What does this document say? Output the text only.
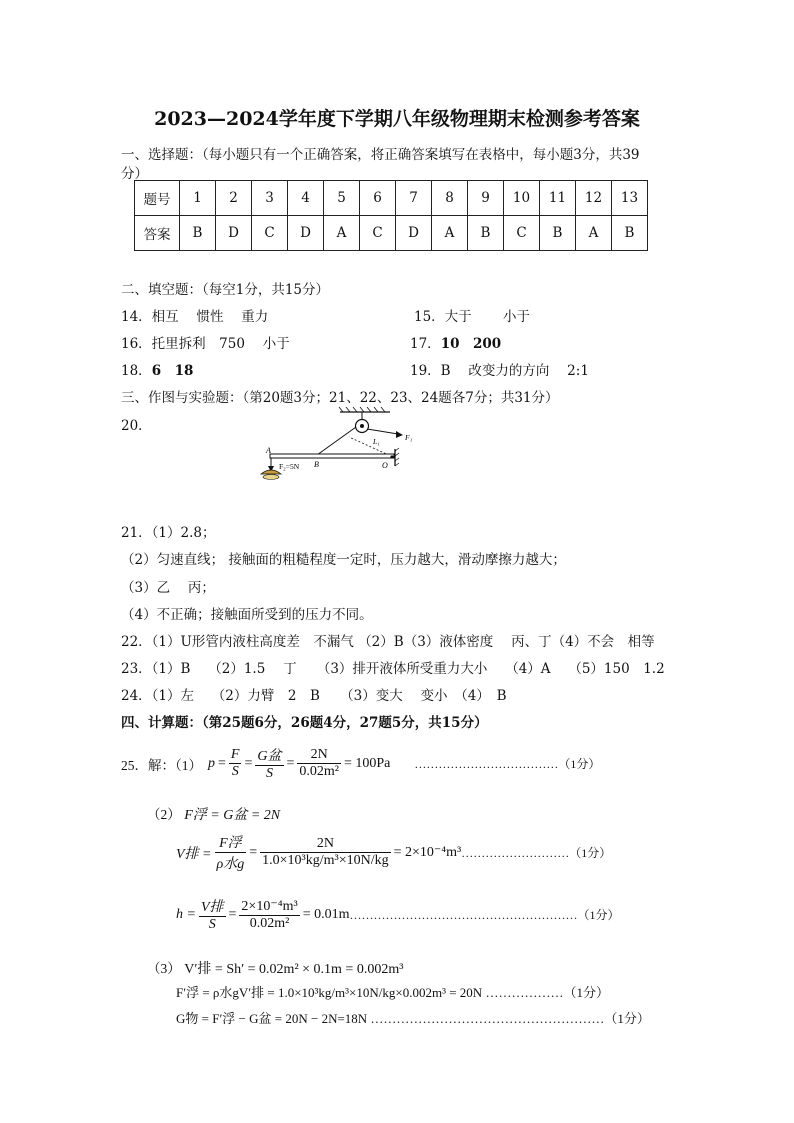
2023—2024学年度下学期八年级物理期末检测参考答案
一、选择题：（每小题只有一个正确答案，将正确答案填写在表格中，每小题3分，共39
分）
题号	1	2	3	4	5	6	7	8	9	10	11	12	13
答案	B	D	C	D	A	C	D	A	B	C	B	A	B
二、填空题：（每空1分，共15分）
14．相互　 惯性　 重力	15．大于　　 小于
16．托里拆利　750　 小于	17．10　200
18．6　18	19．B　 改变力的方向　 2:1
三、作图与实验题：（第20题3分；21、22、23、24题各7分；共31分）
20．
A
B	O
F₂=5N
L₁	F₁
21．（1）2.8；
（2）匀速直线； 接触面的粗糙程度一定时，压力越大，滑动摩擦力越大；
（3）乙　 丙；
（4）不正确；接触面所受到的压力不同。
22．（1）U形管内液柱高度差　不漏气 （2）B（3）液体密度　 丙、丁（4）不会　相等
23．（1）B　 （2）1.5　 丁　　（3）排开液体所受重力大小　 （4）A　 （5）150　1.2
24．（1）左　 （2）力臂　2　B　　（3）变大　 变小　（4）　B
四、计算题：（第25题6分，26题4分，27题5分，共15分）
25．解：（1） $p = \frac{F}{S} = \frac{\text{G盆}}{S} = \frac{2N}{\text{0.02m²}} = 100Pa$ ………………………………（1分）
（2） F浮 = G盆 = 2N
V排 = $\frac{\text{F浮}}{\text{ρ水g}} = \frac{2N}{\text{1.0×10³kg/m³×10N/kg}} = 2\times 10^{-4}m^3$ ………………………（1分）
$h = \frac{\text{V排}}{S} = \frac{\text{2×10⁻⁴m³}}{\text{0.02m²}} = 0.01m$ …………………………………………………（1分）
（3） V′排 = Sh′ = 0.02m² × 0.1m = 0.002m³
F′浮 = ρ水gV′排 = 1.0×10³kg/m³×10N/kg×0.002m³ = 20N ………………（1分）
G物 = F′浮 − G盆 = 20N − 2N=18N ………………………………………………（1分）
